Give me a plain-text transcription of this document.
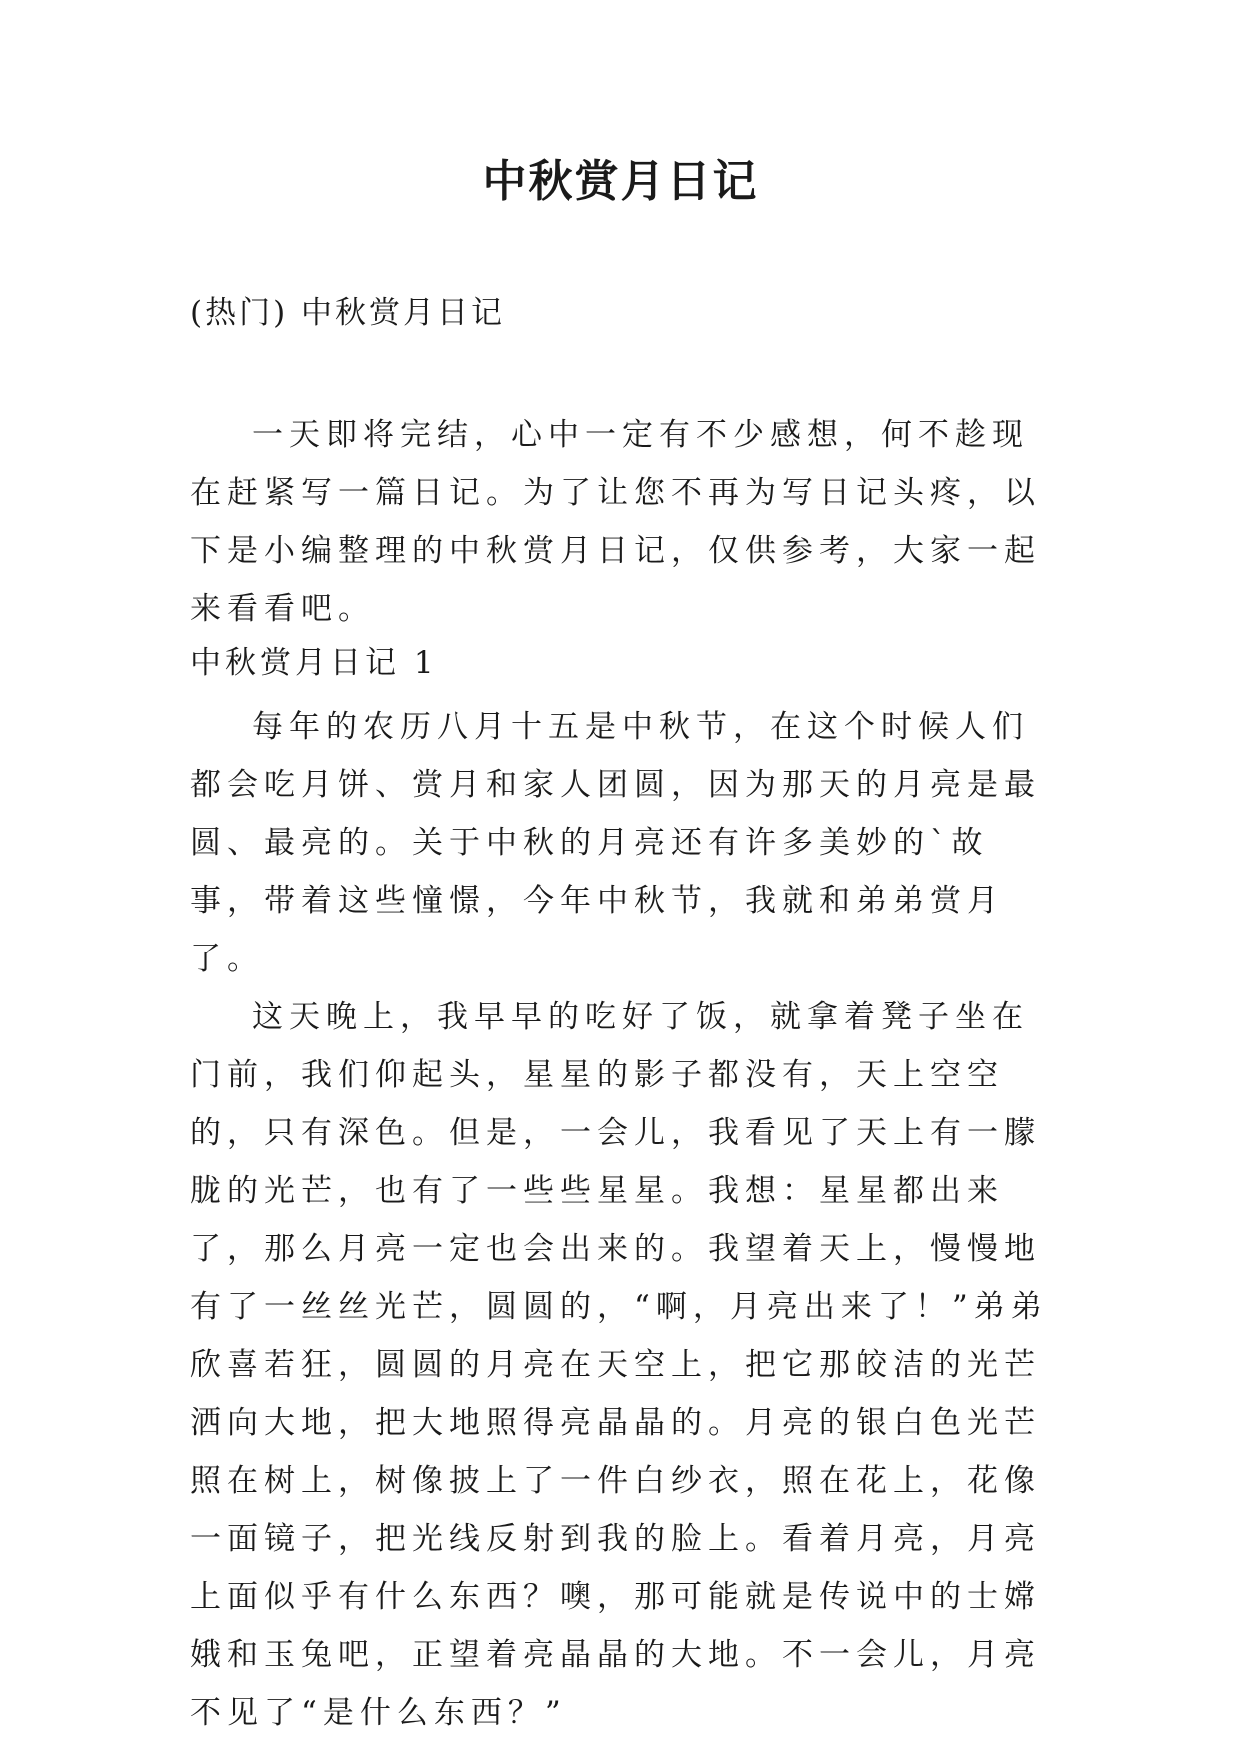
中秋赏月日记
(热门) 中秋赏月日记

一天即将完结，心中一定有不少感想，何不趁现在赶紧写一篇日记。为了让您不再为写日记头疼，以下是小编整理的中秋赏月日记，仅供参考，大家一起来看看吧。

中秋赏月日记 1

每年的农历八月十五是中秋节，在这个时候人们都会吃月饼、赏月和家人团圆，因为那天的月亮是最圆、最亮的。关于中秋的月亮还有许多美妙的`故事，带着这些憧憬，今年中秋节，我就和弟弟赏月了。

这天晚上，我早早的吃好了饭，就拿着凳子坐在门前，我们仰起头，星星的影子都没有，天上空空的，只有深色。但是，一会儿，我看见了天上有一朦胧的光芒，也有了一些些星星。我想：星星都出来了，那么月亮一定也会出来的。我望着天上，慢慢地有了一丝丝光芒，圆圆的，“啊，月亮出来了！”弟弟欣喜若狂，圆圆的月亮在天空上，把它那皎洁的光芒洒向大地，把大地照得亮晶晶的。月亮的银白色光芒照在树上，树像披上了一件白纱衣，照在花上，花像一面镜子，把光线反射到我的脸上。看着月亮，月亮上面似乎有什么东西？噢，那可能就是传说中的士嫦娥和玉兔吧，正望着亮晶晶的大地。不一会儿，月亮不见了“是什么东西？”
